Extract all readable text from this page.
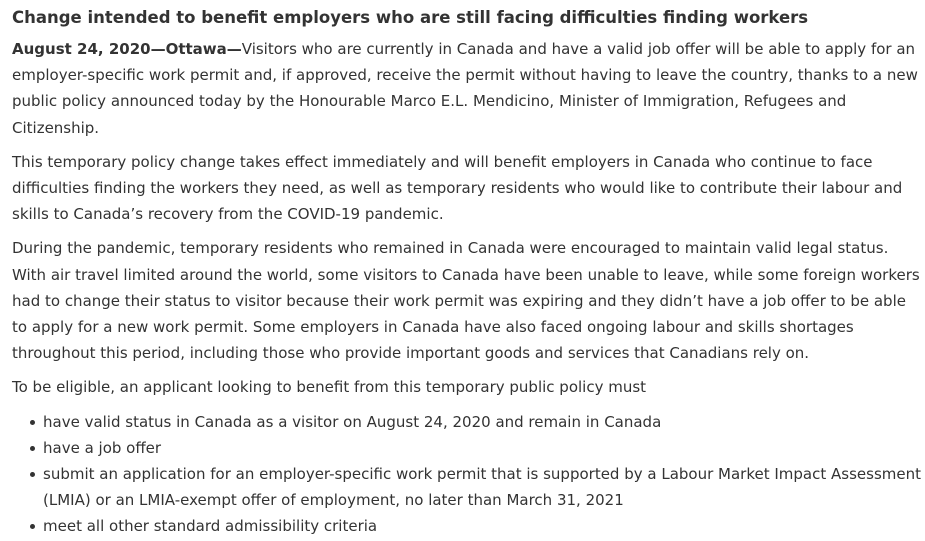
Change intended to benefit employers who are still facing difficulties finding workers

August 24, 2020—Ottawa—Visitors who are currently in Canada and have a valid job offer will be able to apply for an employer-specific work permit and, if approved, receive the permit without having to leave the country, thanks to a new public policy announced today by the Honourable Marco E.L. Mendicino, Minister of Immigration, Refugees and Citizenship.

This temporary policy change takes effect immediately and will benefit employers in Canada who continue to face difficulties finding the workers they need, as well as temporary residents who would like to contribute their labour and skills to Canada’s recovery from the COVID-19 pandemic.

During the pandemic, temporary residents who remained in Canada were encouraged to maintain valid legal status. With air travel limited around the world, some visitors to Canada have been unable to leave, while some foreign workers had to change their status to visitor because their work permit was expiring and they didn’t have a job offer to be able to apply for a new work permit. Some employers in Canada have also faced ongoing labour and skills shortages throughout this period, including those who provide important goods and services that Canadians rely on.

To be eligible, an applicant looking to benefit from this temporary public policy must

have valid status in Canada as a visitor on August 24, 2020 and remain in Canada
have a job offer
submit an application for an employer-specific work permit that is supported by a Labour Market Impact Assessment (LMIA) or an LMIA-exempt offer of employment, no later than March 31, 2021
meet all other standard admissibility criteria
